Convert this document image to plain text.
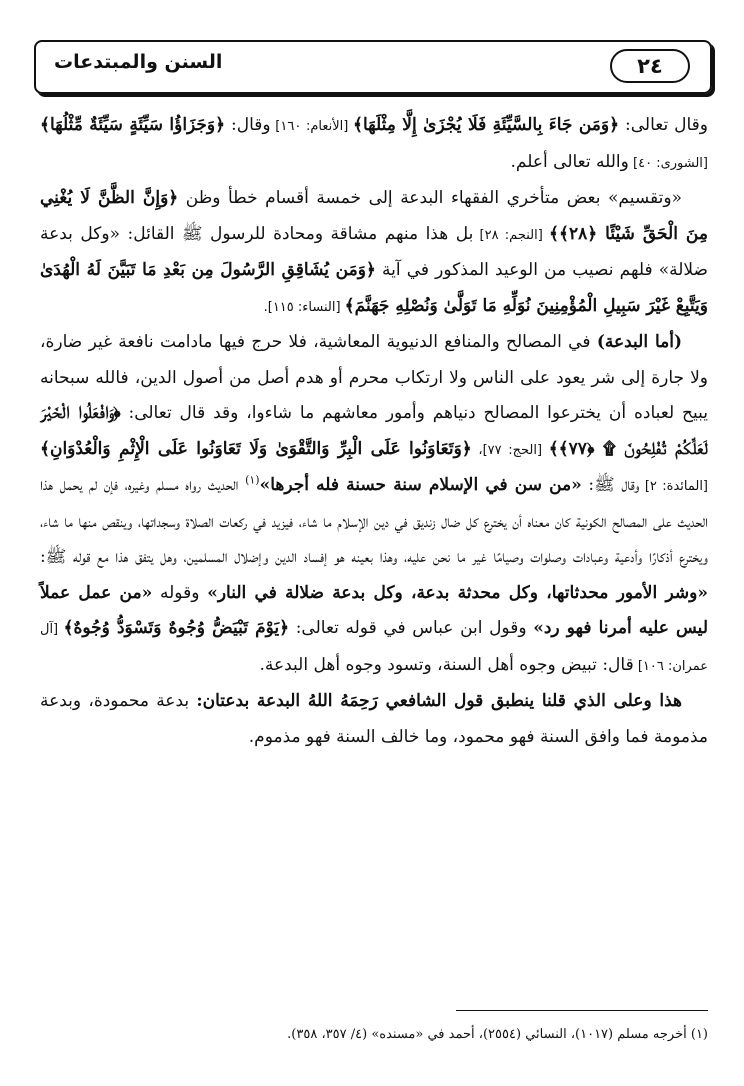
السنن والمبتدعات	٢٤

وقال تعالى: ﴿وَمَن جَاءَ بِالسَّيِّئَةِ فَلَا يُجْزَىٰ إِلَّا مِثْلَهَا﴾ [الأنعام: ١٦٠] وقال: ﴿وَجَزَاؤُا سَيِّئَةٍ سَيِّئَةٌ مِّثْلُهَا﴾ [الشورى: ٤٠] والله تعالى أعلم.

«وتقسيم» بعض متأخري الفقهاء البدعة إلى خمسة أقسام خطأ وظن ﴿وَإِنَّ الظَّنَّ لَا يُغْنِي مِنَ الْحَقِّ شَيْئًا ﴿٢٨﴾﴾ [النجم: ٢٨] بل هذا منهم مشاقة ومحادة للرسول ﷺ القائل: «وكل بدعة ضلالة» فلهم نصيب من الوعيد المذكور في آية ﴿وَمَن يُشَاقِقِ الرَّسُولَ مِن بَعْدِ مَا تَبَيَّنَ لَهُ الْهُدَىٰ وَيَتَّبِعْ غَيْرَ سَبِيلِ الْمُؤْمِنِينَ نُوَلِّهِ مَا تَوَلَّىٰ وَنُصْلِهِ جَهَنَّمَ﴾ [النساء: ١١٥].

(أما البدعة) في المصالح والمنافع الدنيوية المعاشية، فلا حرج فيها مادامت نافعة غير ضارة، ولا جارة إلى شر يعود على الناس ولا ارتكاب محرم أو هدم أصل من أصول الدين، فالله سبحانه يبيح لعباده أن يخترعوا المصالح دنياهم وأمور معاشهم ما شاءوا، وقد قال تعالى: ﴿وَافْعَلُوا الْخَيْرَ لَعَلَّكُمْ تُفْلِحُونَ ۩ ﴿٧٧﴾﴾ [الحج: ٧٧]، ﴿وَتَعَاوَنُوا عَلَى الْبِرِّ وَالتَّقْوَىٰ وَلَا تَعَاوَنُوا عَلَى الْإِثْمِ وَالْعُدْوَانِ﴾ [المائدة: ٢] وقال ﷺ: «من سن في الإسلام سنة حسنة فله أجرها»$^{(١)}$ الحديث رواه مسلم وغيره، فإن لم يحمل هذا الحديث على المصالح الكونية كان معناه أن يخترع كل ضال زنديق في دين الإسلام ما شاء، فيزيد في ركعات الصلاة وسجداتها، وينقص منها ما شاء، ويخترع أذكارًا وأدعية وعبادات وصلوات وصيامًا غير ما نحن عليه، وهذا بعينه هو إفساد الدين وإضلال المسلمين، وهل يتفق هذا مع قوله ﷺ: «وشر الأمور محدثاتها، وكل محدثة بدعة، وكل بدعة ضلالة في النار» وقوله «من عمل عملاً ليس عليه أمرنا فهو رد» وقول ابن عباس في قوله تعالى: ﴿يَوْمَ تَبْيَضُّ وُجُوهٌ وَتَسْوَدُّ وُجُوهٌ﴾ [آل عمران: ١٠٦] قال: تبيض وجوه أهل السنة، وتسود وجوه أهل البدعة.

هذا وعلى الذي قلنا ينطبق قول الشافعي رَحِمَهُ اللهُ البدعة بدعتان: بدعة محمودة، وبدعة مذمومة فما وافق السنة فهو محمود، وما خالف السنة فهو مذموم.

(١) أخرجه مسلم (١٠١٧)، النسائي (٢٥٥٤)، أحمد في «مسنده» (٤/ ٣٥٧، ٣٥٨).
